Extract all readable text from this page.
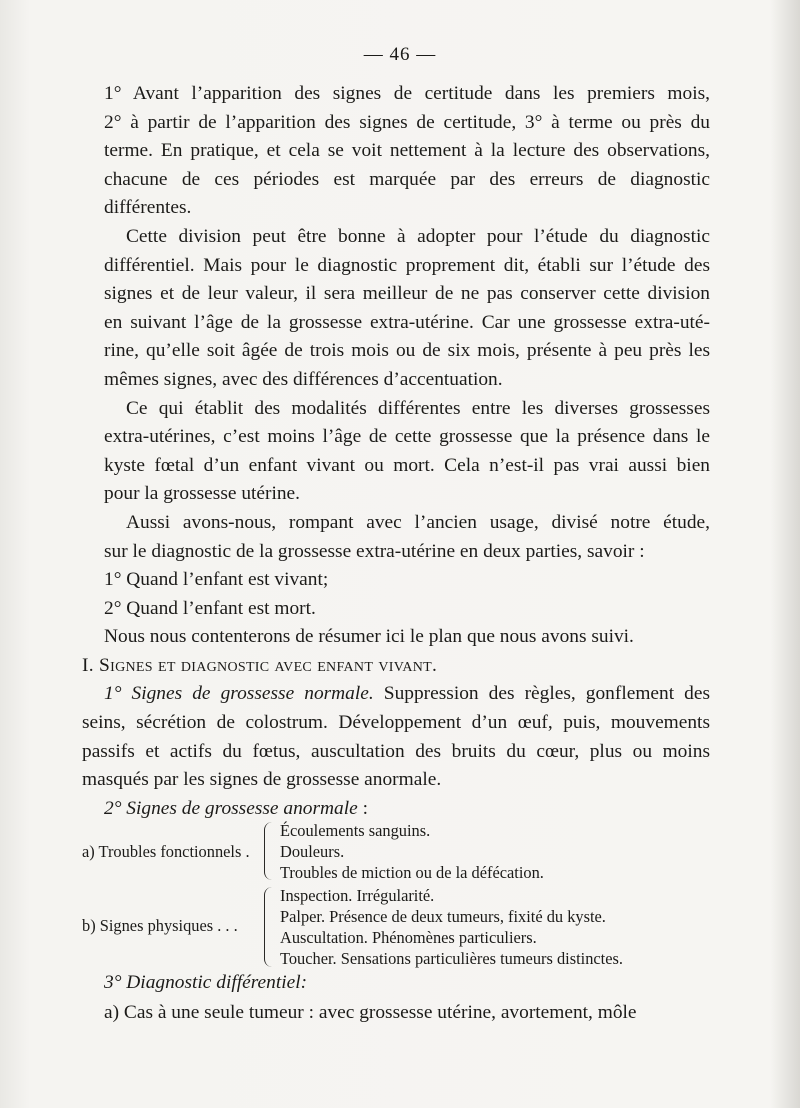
— 46 —

1° Avant l’apparition des signes de certitude dans les premiers mois,
2° à partir de l’apparition des signes de certitude, 3° à terme ou près du
terme. En pratique, et cela se voit nettement à la lecture des observations,
chacune de ces périodes est marquée par des erreurs de diagnostic
différentes.

Cette division peut être bonne à adopter pour l’étude du diagnostic
différentiel. Mais pour le diagnostic proprement dit, établi sur l’étude des
signes et de leur valeur, il sera meilleur de ne pas conserver cette division
en suivant l’âge de la grossesse extra-utérine. Car une grossesse extra-uté-
rine, qu’elle soit âgée de trois mois ou de six mois, présente à peu près les
mêmes signes, avec des différences d’accentuation.

Ce qui établit des modalités différentes entre les diverses grossesses
extra-utérines, c’est moins l’âge de cette grossesse que la présence dans le
kyste fœtal d’un enfant vivant ou mort. Cela n’est-il pas vrai aussi bien
pour la grossesse utérine.

Aussi avons-nous, rompant avec l’ancien usage, divisé notre étude,
sur le diagnostic de la grossesse extra-utérine en deux parties, savoir :

1° Quand l’enfant est vivant;

2° Quand l’enfant est mort.

Nous nous contenterons de résumer ici le plan que nous avons suivi.

I. Signes et diagnostic avec enfant vivant.

1° Signes de grossesse normale. Suppression des règles, gonflement des
seins, sécrétion de colostrum. Développement d’un œuf, puis, mouvements
passifs et actifs du fœtus, auscultation des bruits du cœur, plus ou moins
masqués par les signes de grossesse anormale.

2° Signes de grossesse anormale :

a) Troubles fonctionnels .
Écoulements sanguins.
Douleurs.
Troubles de miction ou de la défécation.
b) Signes physiques . . .
Inspection. Irrégularité.
Palper. Présence de deux tumeurs, fixité du kyste.
Auscultation. Phénomènes particuliers.
Toucher. Sensations particulières tumeurs distinctes.
3° Diagnostic différentiel:
a) Cas à une seule tumeur : avec grossesse utérine, avortement, môle
